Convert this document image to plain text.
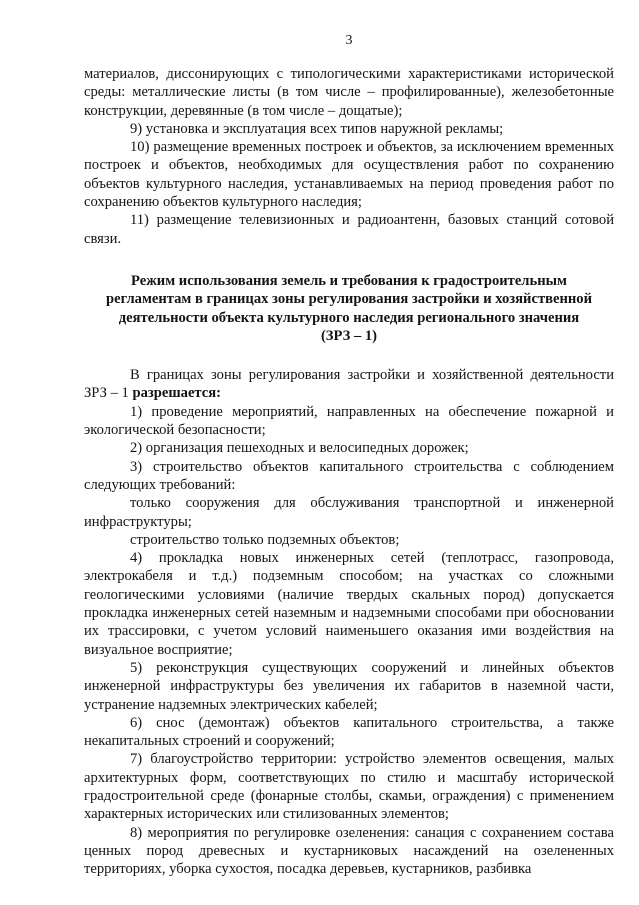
3

материалов, диссонирующих с типологическими характеристиками исторической среды: металлические листы (в том числе – профилированные), железобетонные конструкции, деревянные (в том числе – дощатые);

9) установка и эксплуатация всех типов наружной рекламы;

10) размещение временных построек и объектов, за исключением временных построек и объектов, необходимых для осуществления работ по сохранению объектов культурного наследия, устанавливаемых на период проведения работ по сохранению объектов культурного наследия;

11) размещение телевизионных и радиоантенн, базовых станций сотовой связи.

Режим использования земель и требования к градостроительным
регламентам в границах зоны регулирования застройки и хозяйственной
деятельности объекта культурного наследия регионального значения
(ЗРЗ – 1)

В границах зоны регулирования застройки и хозяйственной деятельности ЗРЗ – 1 разрешается:

1) проведение мероприятий, направленных на обеспечение пожарной и экологической безопасности;

2) организация пешеходных и велосипедных дорожек;

3) строительство объектов капитального строительства с соблюдением следующих требований:

только сооружения для обслуживания транспортной и инженерной инфраструктуры;

строительство только подземных объектов;

4) прокладка новых инженерных сетей (теплотрасс, газопровода, электрокабеля и т.д.) подземным способом; на участках со сложными геологическими условиями (наличие твердых скальных пород) допускается прокладка инженерных сетей наземным и надземными способами при обосновании их трассировки, с учетом условий наименьшего оказания ими воздействия на визуальное восприятие;

5) реконструкция существующих сооружений и линейных объектов инженерной инфраструктуры без увеличения их габаритов в наземной части, устранение надземных электрических кабелей;

6) снос (демонтаж) объектов капитального строительства, а также некапитальных строений и сооружений;

7) благоустройство территории: устройство элементов освещения, малых архитектурных форм, соответствующих по стилю и масштабу исторической градостроительной среде (фонарные столбы, скамьи, ограждения) с применением характерных исторических или стилизованных элементов;

8) мероприятия по регулировке озеленения: санация с сохранением состава ценных пород древесных и кустарниковых насаждений на озелененных территориях, уборка сухостоя, посадка деревьев, кустарников, разбивка
